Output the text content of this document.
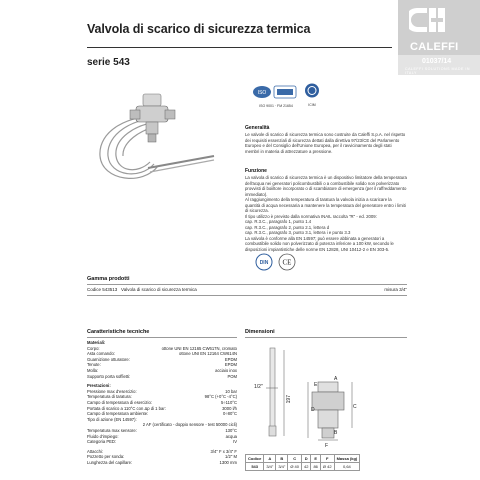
Valvola di scarico di sicurezza termica
serie 543
CALEFFI
01037/14
CALEFFI SOLUTIONS MADE IN ITALY
ISO
ISO 9001 · FM 21654	ICIM
Generalità
Le valvole di scarico di sicurezza termica sono costruite da Caleffi S.p.A. nel rispetto dei requisiti essenziali di sicurezza dettati dalla direttiva 97/23/CE del Parlamento Europeo e del Consiglio dell'Unione Europea, per il ravvicinamento degli stati membri in materia di attrezzature a pressione.
Funzione
La valvola di scarico di sicurezza termica è un dispositivo limitatore della temperatura dell'acqua nei generatori policombustibili o a combustibile solido non polverizzato provvisti di boiiltore incorporato o di scambiatore di emergenza (per il raffreddamento immediato).
Al raggiungimento della temperatura di taratura la valvola inizia a scaricare la quantità di acqua necessaria a mantenere la temperatura del generatore entro i limiti di sicurezza.
Il tipo utilizzo è previsto dalla normativa INAIL raccolta "R" - ed. 2009:
cap. R.3.C., paragrafo 1, punto 1.4
cap. R.3.C., paragrafo 2, punto 2.1, lettera d
cap. R.3.C., paragrafo 3, punto 3.1, lettera i e punto 3.3
La valvola è conforme alla EN 14597; può essere abbinata a generatori a combustibile solido non polverizzato di potenza inferiore a 100 kW, secondo le disposizioni impiantistiche delle norme EN 12828, UNI 10412-2 e EN 303-5.
DIN CE
Gamma prodotti
Codice 543513 Valvola di scarico di sicurezza termica	misura 3/4"
Caratteristiche tecniche
Materiali:
Corpo:	ottone UNI EN 12165 CW617N, cromato
Asta comando:	ottone UNI EN 12164 CW614N
Guarnizione otturatore:	EPDM
Tenute:	EPDM
Molla:	acciaio inox
Supporto porta soffietti:	POM
Prestazioni:
Pressione max d'esercizio:	10 bar
Temperatura di taratura:	98°C (+0°C -4°C)
Campo di temperatura di esercizio:	5÷110°C
Portata di scarico a 110°C con Δp di 1 bar:	3000 l/h
Campo di temperatura ambiente:	0÷80°C
Tipo di azione (EN 14597):
2 AF (certificato - doppio sensore - test 50000 cicli)
Temperatura max sensore:	130°C
Fluido d'impiego:	acqua
Categoria PED:	IV
Attacchi:	3/4" F x 3/4" F
Pozzetto per sonda:	1/2" M
Lunghezza del capillare:	1300 mm
Dimensioni
1/2"
197
A
B
C
D
E
F
Codice	A	B	C	D	E	F	Massa (kg)
543	3/4"	3/4"	Ø 40	42	86	Ø 42	0,64
